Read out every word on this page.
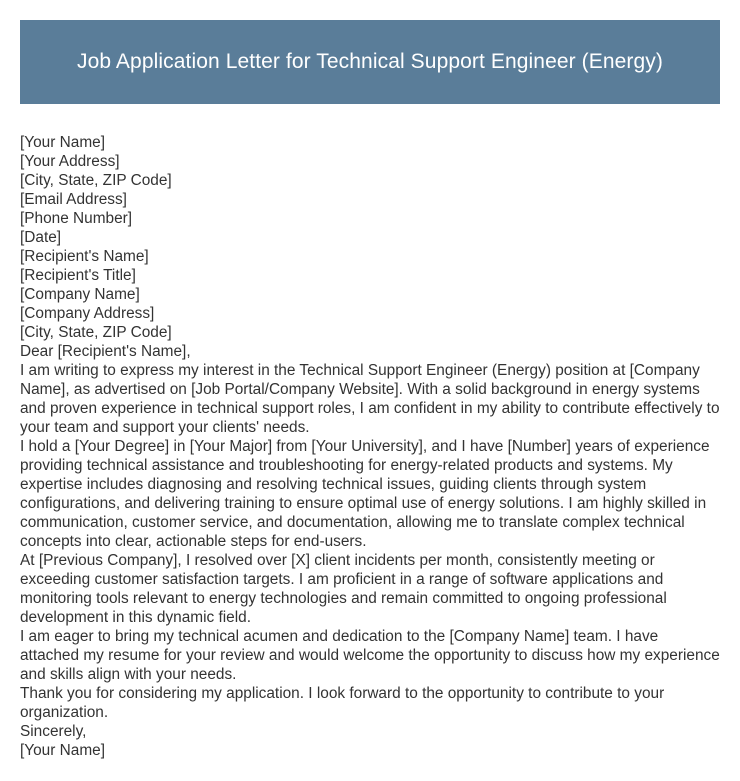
Job Application Letter for Technical Support Engineer (Energy)
[Your Name]
[Your Address]
[City, State, ZIP Code]
[Email Address]
[Phone Number]
[Date]
[Recipient's Name]
[Recipient's Title]
[Company Name]
[Company Address]
[City, State, ZIP Code]
Dear [Recipient's Name],

I am writing to express my interest in the Technical Support Engineer (Energy) position at [Company Name], as advertised on [Job Portal/Company Website]. With a solid background in energy systems and proven experience in technical support roles, I am confident in my ability to contribute effectively to your team and support your clients' needs.

I hold a [Your Degree] in [Your Major] from [Your University], and I have [Number] years of experience providing technical assistance and troubleshooting for energy-related products and systems. My expertise includes diagnosing and resolving technical issues, guiding clients through system configurations, and delivering training to ensure optimal use of energy solutions. I am highly skilled in communication, customer service, and documentation, allowing me to translate complex technical concepts into clear, actionable steps for end-users.

At [Previous Company], I resolved over [X] client incidents per month, consistently meeting or exceeding customer satisfaction targets. I am proficient in a range of software applications and monitoring tools relevant to energy technologies and remain committed to ongoing professional development in this dynamic field.

I am eager to bring my technical acumen and dedication to the [Company Name] team. I have attached my resume for your review and would welcome the opportunity to discuss how my experience and skills align with your needs.

Thank you for considering my application. I look forward to the opportunity to contribute to your organization.

Sincerely,
[Your Name]
